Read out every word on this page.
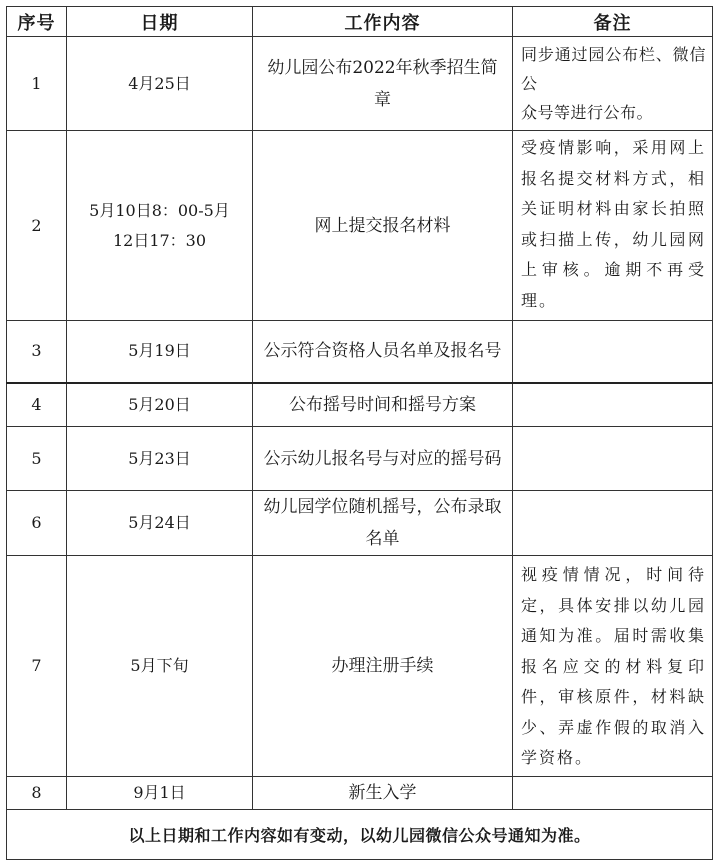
序号	日期	工作内容	备注
1	4月25日	幼儿园公布2022年秋季招生简章	同步通过园公布栏、微信公
众号等进行公布。
2	5月10日8：00-5月12日17：30	网上提交报名材料	受疫情影响，采用网上报名提交材料方式，相关证明材料由家长拍照或扫描上传，幼儿园网上审核。逾期不再受理。
3	5月19日	公示符合资格人员名单及报名号	
4	5月20日	公布摇号时间和摇号方案	
5	5月23日	公示幼儿报名号与对应的摇号码	
6	5月24日	幼儿园学位随机摇号，公布录取名单	
7	5月下旬	办理注册手续	视疫情情况，时间待定，具体安排以幼儿园通知为准。届时需收集报名应交的材料复印件，审核原件，材料缺少、弄虚作假的取消入学资格。
8	9月1日	新生入学	
以上日期和工作内容如有变动，以幼儿园微信公众号通知为准。			
